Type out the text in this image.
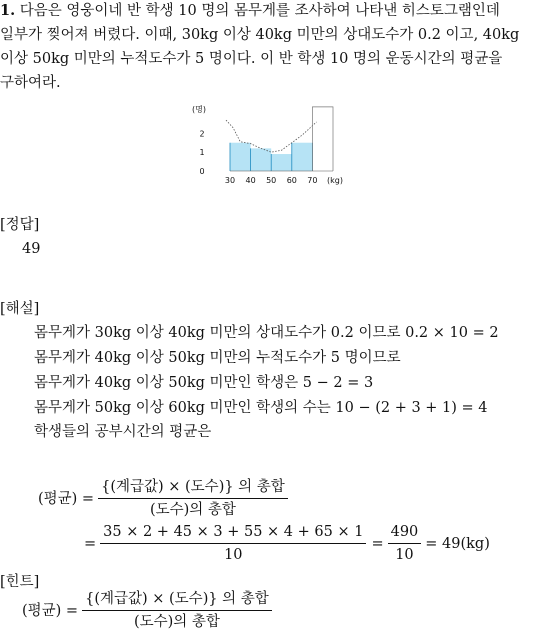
1. 다음은 영웅이네 반 학생 10 명의 몸무게를 조사하여 나타낸 히스토그램인데
일부가 찢어져 버렸다. 이때, 30kg 이상 40kg 미만의 상대도수가 0.2 이고, 40kg
이상 50kg 미만의 누적도수가 5 명이다. 이 반 학생 10 명의 운동시간의 평균을
구하여라.
(명)
0
1
2
30 40 50 60 70 (kg)
[정답]
49
[해설]
몸무게가 30kg 이상 40kg 미만의 상대도수가 0.2 이므로 0.2 × 10 = 2
몸무게가 40kg 이상 50kg 미만의 누적도수가 5 명이므로
몸무게가 40kg 이상 50kg 미만인 학생은 5 − 2 = 3
몸무게가 50kg 이상 60kg 미만인 학생의 수는 10 − (2 + 3 + 1) = 4
학생들의 공부시간의 평균은
(평균) = $\frac{\text{\{(계급값) × (도수)\} 의 총합}}{\text{(도수)의 총합}}$
= $\frac{35 \times 2 + 45 \times 3 + 55 \times 4 + 65 \times 1}{10} = \frac{490}{10} = 49(kg)$
[힌트]
(평균) = $\frac{\text{\{(계급값) × (도수)\} 의 총합}}{\text{(도수)의 총합}}$
